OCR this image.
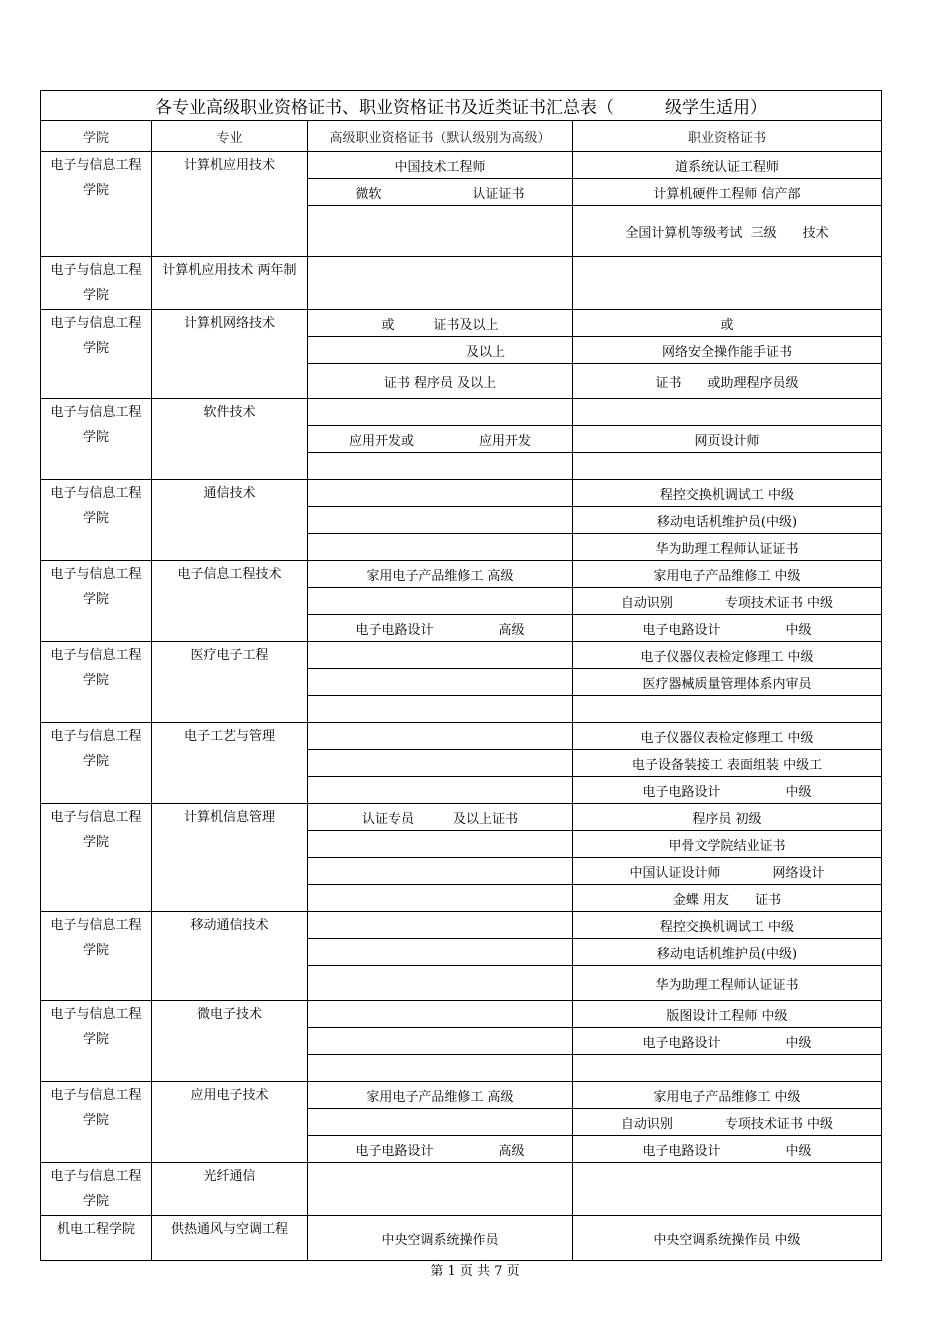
各专业高级职业资格证书、职业资格证书及近类证书汇总表（　　　级学生适用）			
学院	专业	高级职业资格证书（默认级别为高级）	职业资格证书
电子与信息工程学院	计算机应用技术	中国技术工程师	道系统认证工程师
		微软　　　　　　　认证证书	计算机硬件工程师 信产部
			全国计算机等级考试  三级　　技术
电子与信息工程学院	计算机应用技术 两年制		
电子与信息工程学院	计算机网络技术	或　　　证书及以上	或
		　　　　　　　及以上	网络安全操作能手证书
		证书 程序员 及以上	证书　　或助理程序员级
电子与信息工程学院	软件技术		
		应用开发或　　　　　应用开发	网页设计师

电子与信息工程学院	通信技术		程控交换机调试工 中级
			移动电话机维护员(中级)
			华为助理工程师认证证书
电子与信息工程学院	电子信息工程技术	家用电子产品维修工 高级	家用电子产品维修工 中级
			自动识别　　　　专项技术证书 中级
		电子电路设计　　　　　高级	电子电路设计　　　　　中级
电子与信息工程学院	医疗电子工程		电子仪器仪表检定修理工 中级
			医疗器械质量管理体系内审员

电子与信息工程学院	电子工艺与管理		电子仪器仪表检定修理工 中级
			电子设备装接工 表面组装 中级工
			电子电路设计　　　　　中级
电子与信息工程学院	计算机信息管理	认证专员　　　及以上证书	程序员 初级
			甲骨文学院结业证书
			中国认证设计师　　　　网络设计
			金蝶 用友　　证书
电子与信息工程学院	移动通信技术		程控交换机调试工 中级
			移动电话机维护员(中级)
			华为助理工程师认证证书
电子与信息工程学院	微电子技术		版图设计工程师 中级
			电子电路设计　　　　　中级

电子与信息工程学院	应用电子技术	家用电子产品维修工 高级	家用电子产品维修工 中级
			自动识别　　　　专项技术证书 中级
		电子电路设计　　　　　高级	电子电路设计　　　　　中级
电子与信息工程学院	光纤通信		
机电工程学院	供热通风与空调工程	中央空调系统操作员	中央空调系统操作员 中级
第 1 页 共 7 页
